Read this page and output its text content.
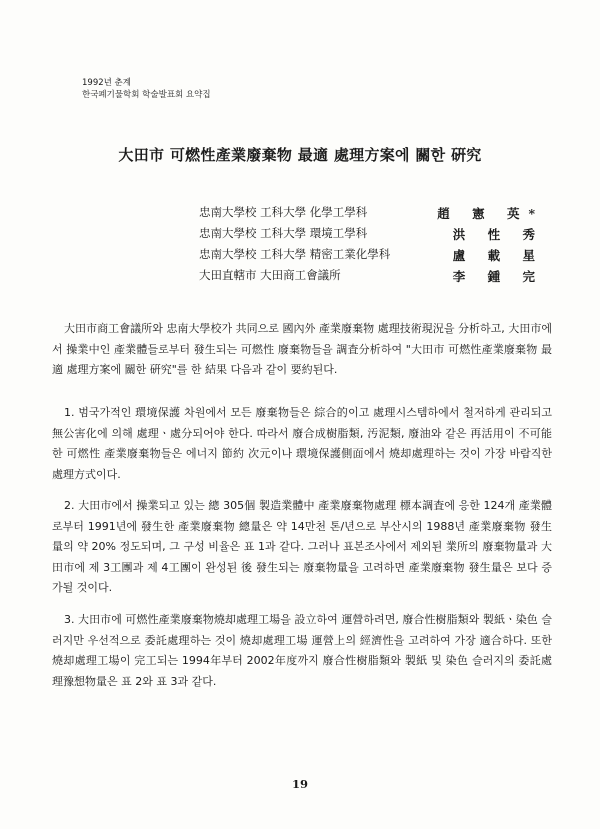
1992년 춘계
한국폐기물학회 학술발표회 요약집
大田市 可燃性產業廢棄物 最適 處理方案에 關한 硏究
忠南大學校 工科大學 化學工學科	趙 憲 英*
忠南大學校 工科大學 環境工學科	洪 性 秀
忠南大學校 工科大學 精密工業化學科	盧 載 星
大田直轄市 大田商工會議所	李 鍾 完

大田市商工會議所와 忠南大學校가 共同으로 國內外 產業廢棄物 處理技術現況을 分析하고, 大田市에서 操業中인 產業體들로부터 發生되는 可燃性 廢棄物들을 調査分析하여 "大田市 可燃性產業廢棄物 最適 處理方案에 關한 硏究"를 한 結果 다음과 같이 要約된다.

1. 범국가적인 環境保護 차원에서 모든 廢棄物들은 綜合的이고 處理시스템하에서 철저하게 관리되고 無公害化에 의해 處理ㆍ處分되어야 한다. 따라서 廢合成樹脂類, 汚泥類, 廢油와 같은 再活用이 不可能한 可燃性 產業廢棄物들은 에너지 節約 次元이나 環境保護側面에서 燒却處理하는 것이 가장 바람직한 處理方式이다.

2. 大田市에서 操業되고 있는 總 305個 製造業體中 產業廢棄物處理 標本調査에 응한 124개 產業體로부터 1991년에 發生한 產業廢棄物 總量은 약 14만천 톤/년으로 부산시의 1988년 產業廢棄物 發生量의 약 20% 정도되며, 그 구성 비율은 표 1과 같다. 그러나 표본조사에서 제외된 業所의 廢棄物量과 大田市에 제 3工團과 제 4工團이 완성된 後 發生되는 廢棄物量을 고려하면 產業廢棄物 發生量은 보다 증가될 것이다.

3. 大田市에 可燃性產業廢棄物燒却處理工場을 設立하여 運營하려면, 廢合性樹脂類와 製紙ㆍ染色 슬러지만 우선적으로 委託處理하는 것이 燒却處理工場 運營上의 經濟性을 고려하여 가장 適合하다. 또한 燒却處理工場이 完工되는 1994年부터 2002年度까지 廢合性樹脂類와 製紙 및 染色 슬러지의 委託處理豫想物量은 표 2와 표 3과 같다.

19
